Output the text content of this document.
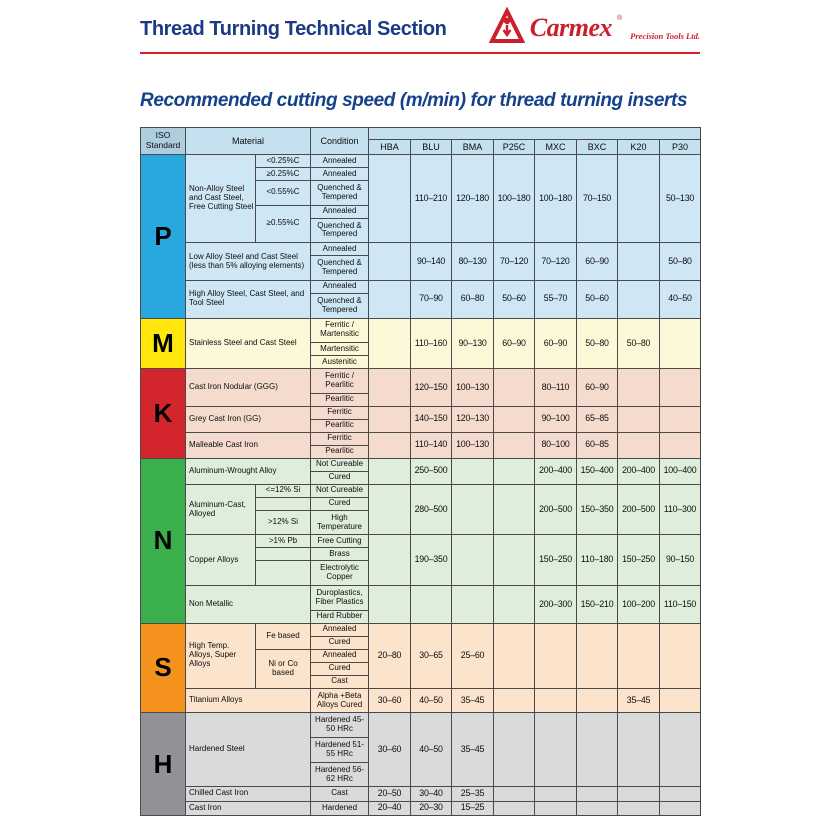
Thread Turning Technical Section	Carmex ®
Precision Tools Ltd.
Recommended cutting speed (m/min) for thread turning inserts
ISO Standard	Material		Condition								
				HBA	BLU	BMA	P25C	MXC	BXC	K20	P30
P	Non-Alloy Steel and Cast Steel, Free Cutting Steel	<0.25%C	Annealed		110–210	120–180	100–180	100–180	70–150		50–130
		≥0.25%C	Annealed								
		<0.55%C	Quenched & Tempered								
		≥0.55%C	Annealed								
			Quenched & Tempered								
	Low Alloy Steel and Cast Steel (less than 5% alloying elements)		Annealed		90–140	80–130	70–120	70–120	60–90		50–80
			Quenched & Tempered								
	High Alloy Steel, Cast Steel, and Tool Steel		Annealed		70–90	60–80	50–60	55–70	50–60		40–50
			Quenched & Tempered								
M	Stainless Steel and Cast Steel		Ferritic / Martensitic		110–160	90–130	60–90	60–90	50–80	50–80	
			Martensitic								
			Austenitic								
K	Cast Iron Nodular (GGG)		Ferritic / Pearlitic		120–150	100–130		80–110	60–90		
			Pearlitic								
	Grey Cast Iron (GG)		Ferritic		140–150	120–130		90–100	65–85		
			Pearlitic								
	Malleable Cast Iron		Ferritic		110–140	100–130		80–100	60–85		
			Pearlitic								
N	Aluminum-Wrought Alloy		Not Cureable		250–500			200–400	150–400	200–400	100–400
			Cured								
	Aluminum-Cast, Alloyed	<=12% Si	Not Cureable		280–500			200–500	150–350	200–500	110–300
			Cured								
		>12% Si	High Temperature								
	Copper Alloys	>1% Pb	Free Cutting		190–350			150–250	110–180	150–250	90–150
			Brass								
			Electrolytic Copper								
	Non Metallic		Duroplastics, Fiber Plastics					200–300	150–210	100–200	110–150
			Hard Rubber								
S	High Temp. Alloys, Super Alloys	Fe based	Annealed	20–80	30–65	25–60					
			Cured								
		Ni or Co based	Annealed								
			Cured								
			Cast								
	Titanium Alloys		Alpha +Beta Alloys Cured	30–60	40–50	35–45				35–45	
H	Hardened Steel		Hardened 45-50 HRc	30–60	40–50	35–45					
			Hardened 51-55 HRc								
			Hardened 56-62 HRc								
	Chilled Cast Iron		Cast	20–50	30–40	25–35					
	Cast Iron		Hardened	20–40	20–30	15–25					
